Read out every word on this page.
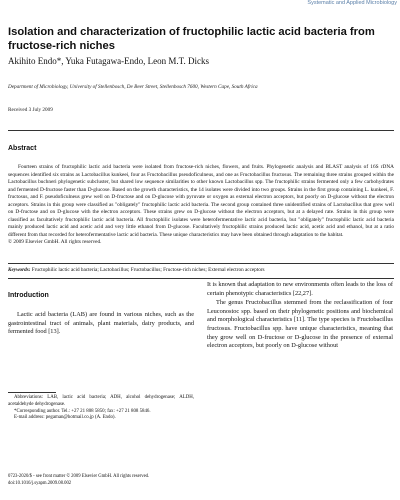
Systematic and Applied Microbiology
Isolation and characterization of fructophilic lactic acid bacteria from fructose-rich niches
Akihito Endo*, Yuka Futagawa-Endo, Leon M.T. Dicks
Department of Microbiology, University of Stellenbosch, De Beer Street, Stellenbosch 7600, Western Cape, South Africa
Received 3 July 2009
Abstract
Fourteen strains of fructophilic lactic acid bacteria were isolated from fructose-rich niches, flowers, and fruits. Phylogenetic analysis and BLAST analysis of 16S rDNA sequences identified six strains as Lactobacillus kunkeei, four as Fructobacillus pseudoficulneus, and one as Fructobacillus fructosus. The remaining three strains grouped within the Lactobacillus buchneri phylogenetic subcluster, but shared low sequence similarities to other known Lactobacillus spp. The fructophilic strains fermented only a few carbohydrates and fermented D-fructose faster than D-glucose. Based on the growth characteristics, the 14 isolates were divided into two groups. Strains in the first group containing L. kunkeei, F. fructosus, and F. pseudoficulneus grew well on D-fructose and on D-glucose with pyruvate or oxygen as external electron acceptors, but poorly on D-glucose without the electron acceptors. Strains in this group were classified as "obligately" fructophilic lactic acid bacteria. The second group contained three unidentified strains of Lactobacillus that grew well on D-fructose and on D-glucose with the electron acceptors. These strains grew on D-glucose without the electron acceptors, but at a delayed rate. Strains in this group were classified as facultatively fructophilic lactic acid bacteria. All fructophilic isolates were heterofermentative lactic acid bacteria, but "obligately" fructophilic lactic acid bacteria mainly produced lactic acid and acetic acid and very little ethanol from D-glucose. Facultatively fructophilic strains produced lactic acid, acetic acid and ethanol, but at a ratio different from that recorded for heterofermentative lactic acid bacteria. These unique characteristics may have been obtained through adaptation to the habitat.
© 2009 Elsevier GmbH. All rights reserved.
Keywords: Fructophilic lactic acid bacteria; Lactobacillus; Fructobacillus; Fructose-rich niches; External electron acceptors
Introduction
Lactic acid bacteria (LAB) are found in various niches, such as the gastrointestinal tract of animals, plant materials, dairy products, and fermented food [13].

Abbreviations: LAB, lactic acid bacteria; ADH, alcohol dehydrogenase; ALDH, acetaldehyde dehydrogenase.

*Corresponding author. Tel.: +27 21 808 5850; fax: +27 21 808 5846.

E-mail address: pegaman@hotmail.co.jp (A. Endo).

0723-2020/$ - see front matter © 2009 Elsevier GmbH. All rights reserved.
doi:10.1016/j.syapm.2009.08.002

It is known that adaptation to new environments often leads to the loss of certain phenotypic characteristics [22,27].

The genus Fructobacillus stemmed from the reclassification of four Leuconostoc spp. based on their phylogenetic positions and biochemical and morphological characteristics [11]. The type species is Fructobacillus fructosus. Fructobacillus spp. have unique characteristics, meaning that they grow well on D-fructose or D-glucose in the presence of external electron acceptors, but poorly on D-glucose without
